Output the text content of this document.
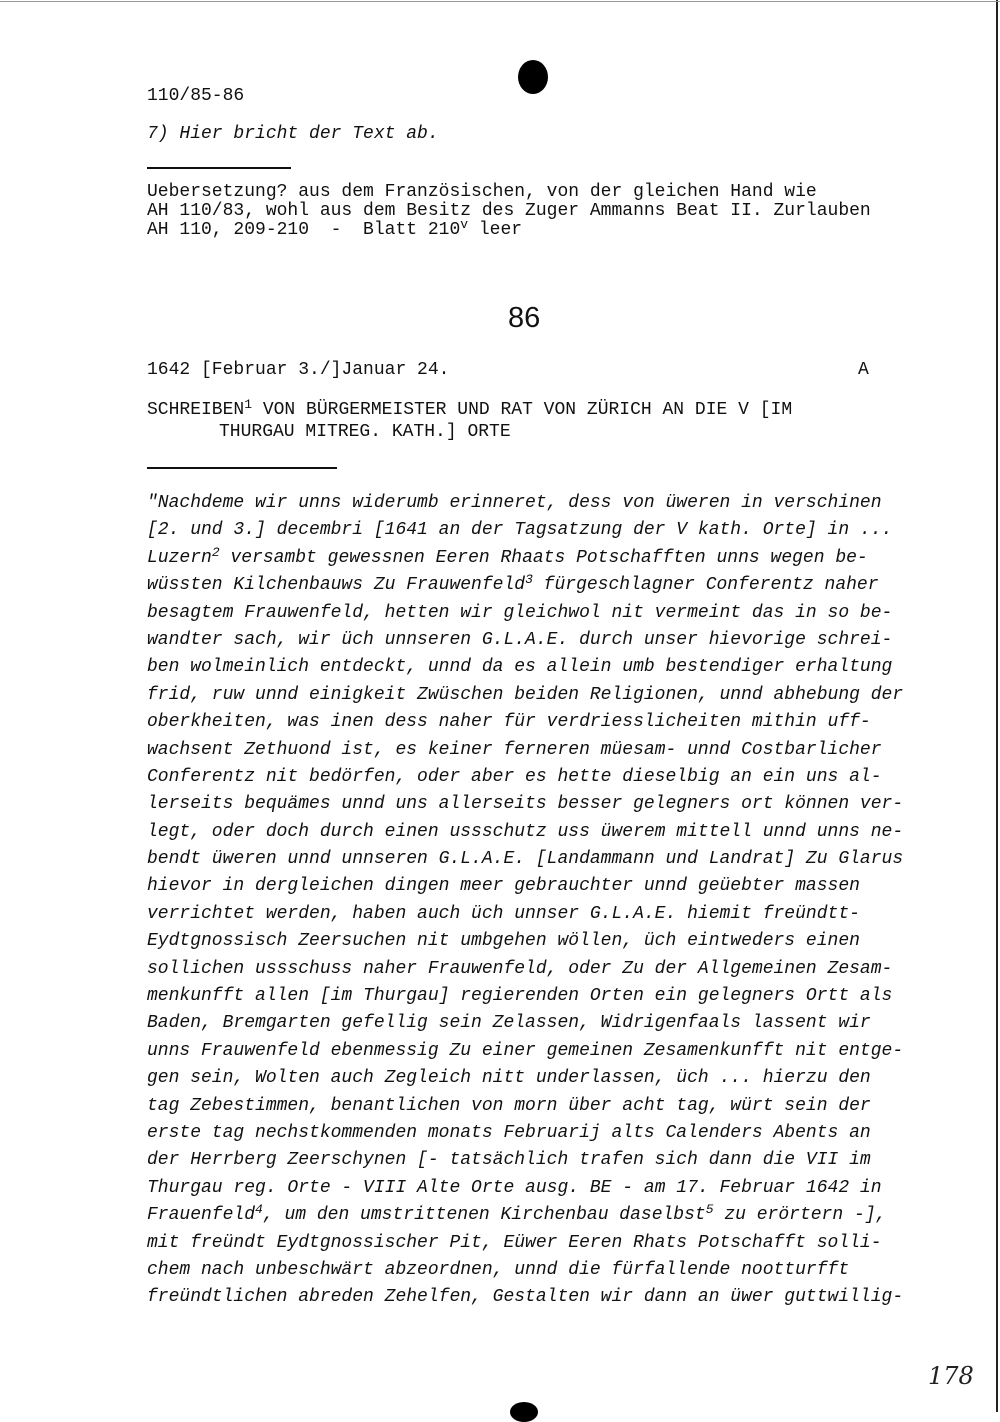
110/85-86
7) Hier bricht der Text ab.
Uebersetzung? aus dem Französischen, von der gleichen Hand wie
AH 110/83, wohl aus dem Besitz des Zuger Ammanns Beat II. Zurlauben
AH 110, 209-210  -  Blatt 210$^v$ leer
86
1642 [Februar 3./]Januar 24.	A
SCHREIBEN$^1$ VON BÜRGERMEISTER UND RAT VON ZÜRICH AN DIE V [IM
THURGAU MITREG. KATH.] ORTE
"Nachdeme wir unns widerumb erinneret, dess von üweren in verschinen
[2. und 3.] decembri [1641 an der Tagsatzung der V kath. Orte] in ...
Luzern$^2$ versambt gewessnen Eeren Rhaats Potschafften unns wegen be-
wüssten Kilchenbauws Zu Frauwenfeld$^3$ fürgeschlagner Conferentz naher
besagtem Frauwenfeld, hetten wir gleichwol nit vermeint das in so be-
wandter sach, wir üch unnseren G.L.A.E. durch unser hievorige schrei-
ben wolmeinlich entdeckt, unnd da es allein umb bestendiger erhaltung
frid, ruw unnd einigkeit Zwüschen beiden Religionen, unnd abhebung der
oberkheiten, was inen dess naher für verdriesslicheiten mithin uff-
wachsent Zethuond ist, es keiner ferneren müesam- unnd Costbarlicher
Conferentz nit bedörfen, oder aber es hette dieselbig an ein uns al-
lerseits bequämes unnd uns allerseits besser gelegners ort können ver-
legt, oder doch durch einen ussschutz uss üwerem mittell unnd unns ne-
bendt üweren unnd unnseren G.L.A.E. [Landammann und Landrat] Zu Glarus
hievor in dergleichen dingen meer gebrauchter unnd geüebter massen
verrichtet werden, haben auch üch unnser G.L.A.E. hiemit freündtt-
Eydtgnossisch Zeersuchen nit umbgehen wöllen, üch eintweders einen
sollichen ussschuss naher Frauwenfeld, oder Zu der Allgemeinen Zesam-
menkunfft allen [im Thurgau] regierenden Orten ein gelegners Ortt als
Baden, Bremgarten gefellig sein Zelassen, Widrigenfaals lassent wir
unns Frauwenfeld ebenmessig Zu einer gemeinen Zesamenkunfft nit entge-
gen sein, Wolten auch Zegleich nitt underlassen, üch ... hierzu den
tag Zebestimmen, benantlichen von morn über acht tag, würt sein der
erste tag nechstkommenden monats Februarij alts Calenders Abents an
der Herrberg Zeerschynen [- tatsächlich trafen sich dann die VII im
Thurgau reg. Orte - VIII Alte Orte ausg. BE - am 17. Februar 1642 in
Frauenfeld$^4$, um den umstrittenen Kirchenbau daselbst$^5$ zu erörtern -],
mit freündt Eydtgnossischer Pit, Eüwer Eeren Rhats Potschafft solli-
chem nach unbeschwärt abzeordnen, unnd die fürfallende nootturfft
freündtlichen abreden Zehelfen, Gestalten wir dann an üwer guttwillig-
178
